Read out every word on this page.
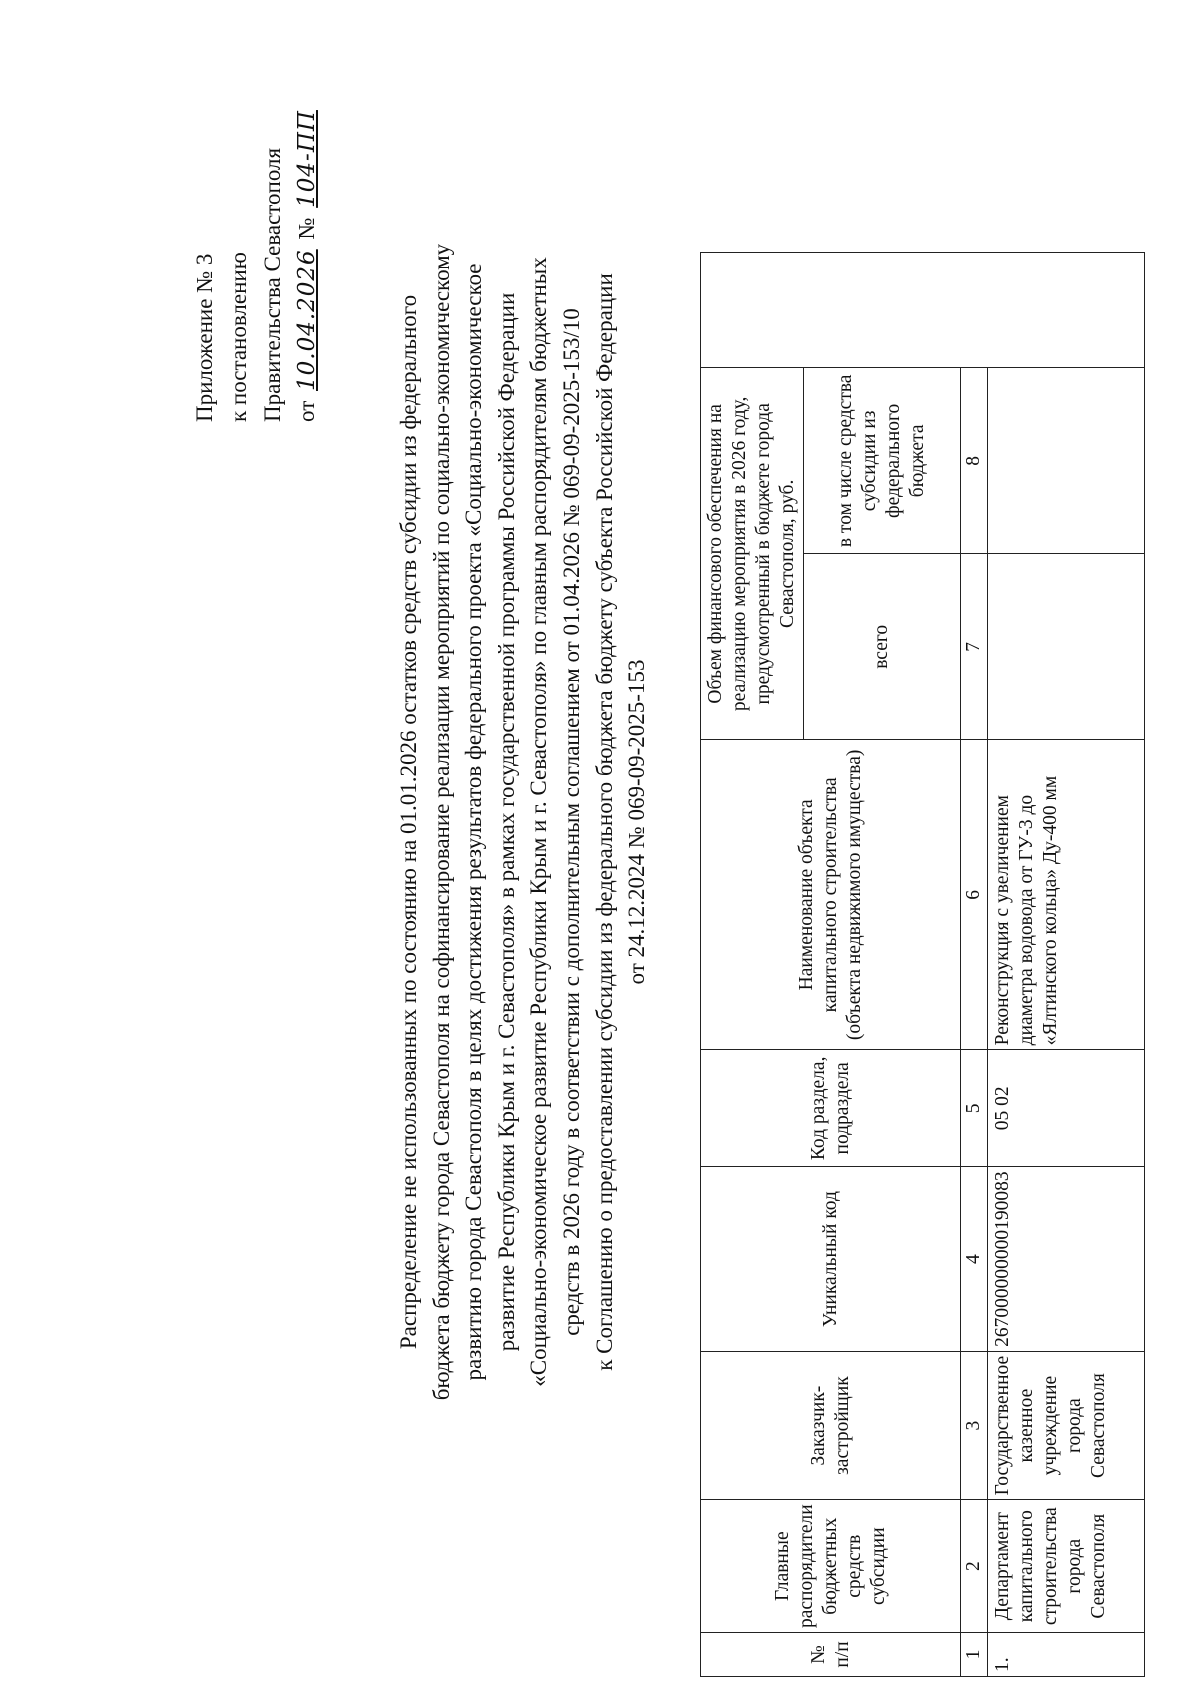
Приложение № 3 к постановлению Правительства Севастополя от 10.04.2026 № 104-ПП
Распределение не использованных по состоянию на 01.01.2026 остатков средств субсидии из федерального бюджета бюджету города Севастополя на софинансирование реализации мероприятий по социально-экономическому развитию города Севастополя в целях достижения результатов федерального проекта «Социально-экономическое развитие Республики Крым и г. Севастополя» в рамках государственной программы Российской Федерации «Социально-экономическое развитие Республики Крым и г. Севастополя» по главным распорядителям бюджетных средств в 2026 году в соответствии с дополнительным соглашением от 01.04.2026 № 069-09-2025-153/10 к Соглашению о предоставлении субсидии из федерального бюджета бюджету субъекта Российской Федерации от 24.12.2024 № 069-09-2025-153
№ п/п	Главные распорядители бюджетных средств субсидии	Заказчик-застройщик	Уникальный код	Код раздела, подраздела	Наименование объекта капитального строительства (объекта недвижимого имущества)	Объем финансового обеспечения на реализацию мероприятия в 2026 году, предусмотренный в бюджете города Севастополя, руб.		
						всего	в том числе средства субсидии из федерального бюджета	
1	2	3	4	5	6	7	8	
1.	Департамент капитального строительства города Севастополя	Государственное казенное учреждение города Севастополя	267000000000190083	05 02	Реконструкция с увеличением диаметра водовода от ГУ-3 до «Ялтинского кольца» Ду-400 мм			
